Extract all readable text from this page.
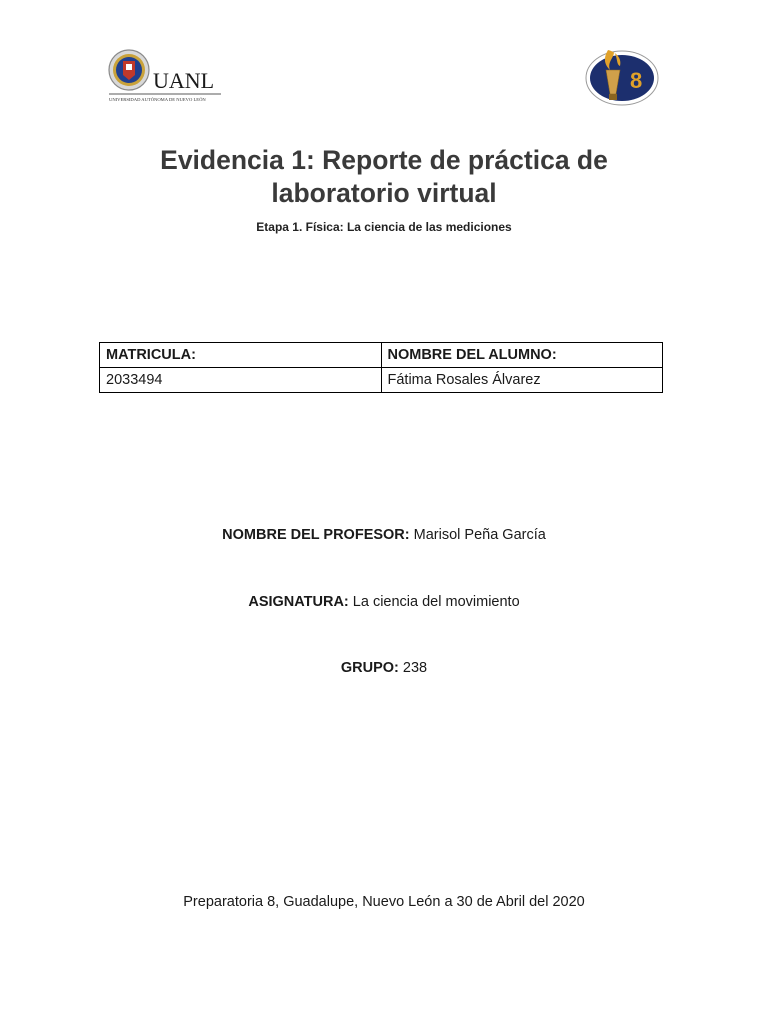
UANL
UNIVERSIDAD AUTÓNOMA DE NUEVO LEÓN
8
Evidencia 1: Reporte de práctica de laboratorio virtual
Etapa 1. Física: La ciencia de las mediciones
MATRICULA:	NOMBRE DEL ALUMNO:
2033494	Fátima Rosales Álvarez
NOMBRE DEL PROFESOR: Marisol Peña García
ASIGNATURA: La ciencia del movimiento
GRUPO: 238
Preparatoria 8, Guadalupe, Nuevo León a 30 de Abril del 2020
